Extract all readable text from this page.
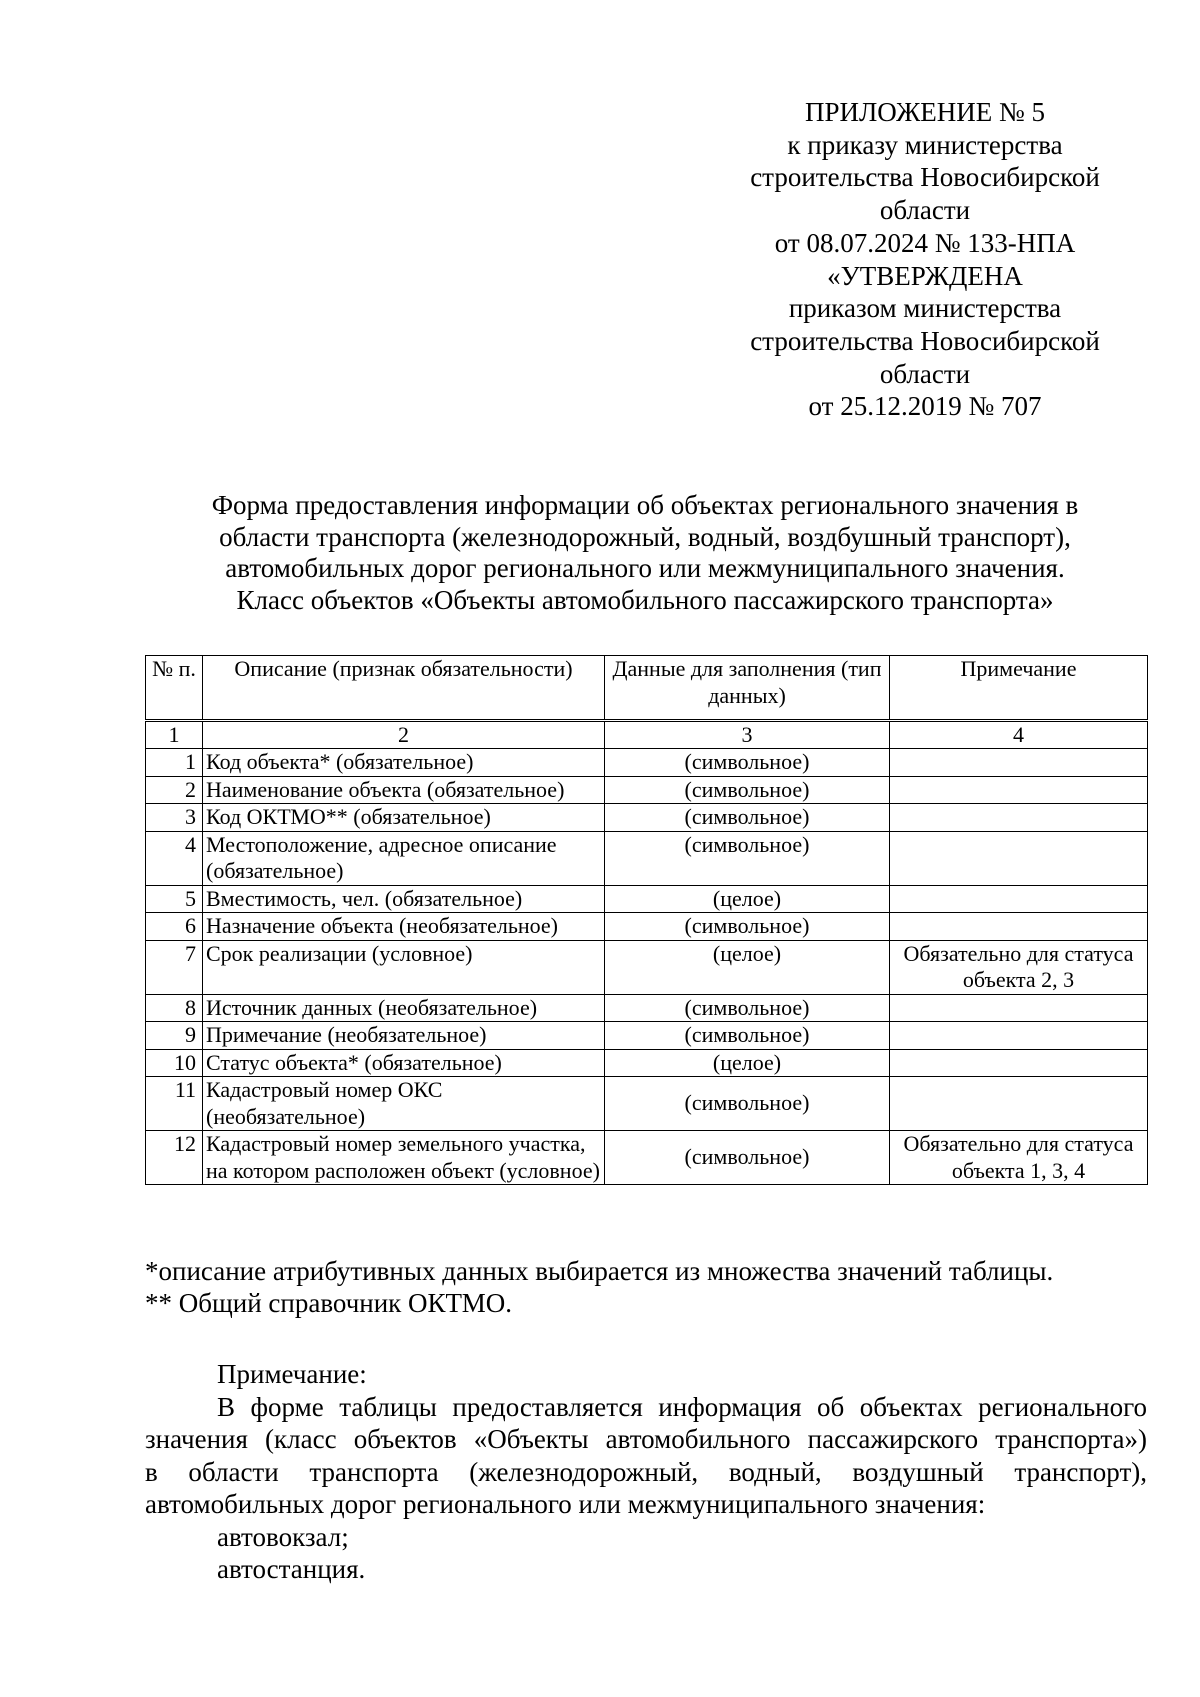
ПРИЛОЖЕНИЕ № 5
к приказу министерства
строительства Новосибирской
области
от 08.07.2024 № 133-НПА
«УТВЕРЖДЕНА
приказом министерства
строительства Новосибирской
области
от 25.12.2019 № 707
Форма предоставления информации об объектах регионального значения в
области транспорта (железнодорожный, водный, воздбушный транспорт),
автомобильных дорог регионального или межмуниципального значения.
Класс объектов «Объекты автомобильного пассажирского транспорта»
№ п.	Описание (признак обязательности)	Данные для заполнения (тип данных)	Примечание
1	2	3	4
1	Код объекта* (обязательное)	(символьное)	
2	Наименование объекта (обязательное)	(символьное)	
3	Код ОКТМО** (обязательное)	(символьное)	
4	Местоположение, адресное описание (обязательное)	(символьное)	
5	Вместимость, чел. (обязательное)	(целое)	
6	Назначение объекта (необязательное)	(символьное)	
7	Срок реализации (условное)	(целое)	Обязательно для статуса объекта 2, 3
8	Источник данных (необязательное)	(символьное)	
9	Примечание (необязательное)	(символьное)	
10	Статус объекта* (обязательное)	(целое)	
11	Кадастровый номер ОКС (необязательное)	(символьное)	
12	Кадастровый номер земельного участка, на котором расположен объект (условное)	(символьное)	Обязательно для статуса объекта 1, 3, 4
*описание атрибутивных данных выбирается из множества значений таблицы.
** Общий справочник ОКТМО.
Примечание:
В форме таблицы предоставляется информация об объектах регионального
значения (класс объектов «Объекты автомобильного пассажирского транспорта»)
в области транспорта (железнодорожный, водный, воздушный транспорт),
автомобильных дорог регионального или межмуниципального значения:
автовокзал;
автостанция.
